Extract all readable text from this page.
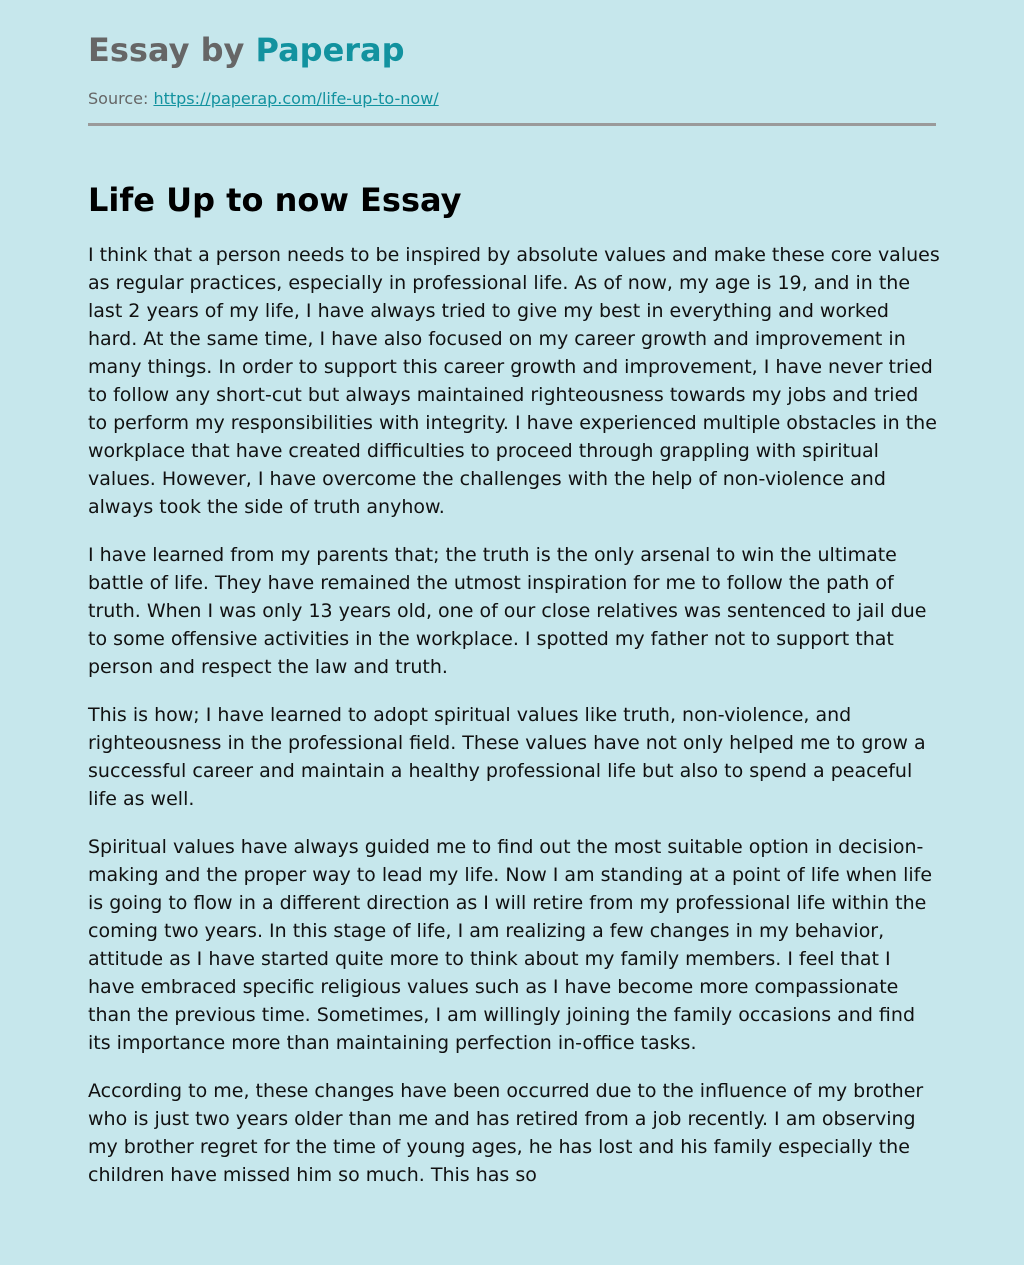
Essay by Paperap
Source: https://paperap.com/life-up-to-now/
Life Up to now Essay

I think that a person needs to be inspired by absolute values and make these core values as regular practices, especially in professional life. As of now, my age is 19, and in the last 2 years of my life, I have always tried to give my best in everything and worked hard. At the same time, I have also focused on my career growth and improvement in many things. In order to support this career growth and improvement, I have never tried to follow any short-cut but always maintained righteousness towards my jobs and tried to perform my responsibilities with integrity. I have experienced multiple obstacles in the workplace that have created difficulties to proceed through grappling with spiritual values. However, I have overcome the challenges with the help of non-violence and always took the side of truth anyhow.

I have learned from my parents that; the truth is the only arsenal to win the ultimate battle of life. They have remained the utmost inspiration for me to follow the path of truth. When I was only 13 years old, one of our close relatives was sentenced to jail due to some offensive activities in the workplace. I spotted my father not to support that person and respect the law and truth.

This is how; I have learned to adopt spiritual values like truth, non-violence, and righteousness in the professional field. These values have not only helped me to grow a successful career and maintain a healthy professional life but also to spend a peaceful life as well.

Spiritual values have always guided me to find out the most suitable option in decision-making and the proper way to lead my life. Now I am standing at a point of life when life is going to flow in a different direction as I will retire from my professional life within the coming two years. In this stage of life, I am realizing a few changes in my behavior, attitude as I have started quite more to think about my family members. I feel that I have embraced specific religious values such as I have become more compassionate than the previous time. Sometimes, I am willingly joining the family occasions and find its importance more than maintaining perfection in-office tasks.

According to me, these changes have been occurred due to the influence of my brother who is just two years older than me and has retired from a job recently. I am observing my brother regret for the time of young ages, he has lost and his family especially the children have missed him so much. This has so
